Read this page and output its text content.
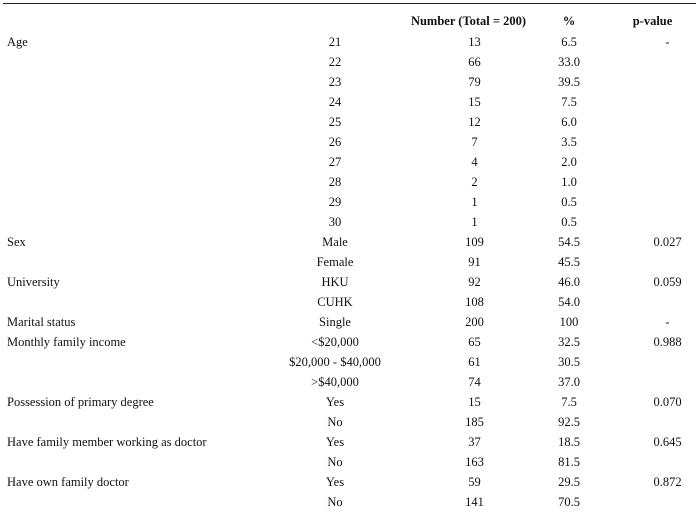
		Number (Total = 200)	%	p-value
Age	21	13	6.5	-
	22	66	33.0	
	23	79	39.5	
	24	15	7.5	
	25	12	6.0	
	26	7	3.5	
	27	4	2.0	
	28	2	1.0	
	29	1	0.5	
	30	1	0.5	
Sex	Male	109	54.5	0.027
	Female	91	45.5	
University	HKU	92	46.0	0.059
	CUHK	108	54.0	
Marital status	Single	200	100	-
Monthly family income	<$20,000	65	32.5	0.988
	$20,000 - $40,000	61	30.5	
	>$40,000	74	37.0	
Possession of primary degree	Yes	15	7.5	0.070
	No	185	92.5	
Have family member working as doctor	Yes	37	18.5	0.645
	No	163	81.5	
Have own family doctor	Yes	59	29.5	0.872
	No	141	70.5	
